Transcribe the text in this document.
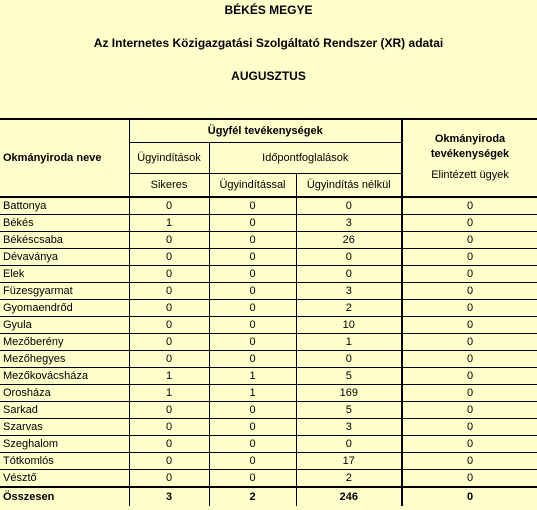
BÉKÉS MEGYE
Az Internetes Közigazgatási Szolgáltató Rendszer (XR) adatai
AUGUSZTUS
Okmányiroda neve	Ügyfél tevékenységek			Okmányiroda tevékenységek
	Ügyindítások	Időpontfoglalások		
	Sikeres	Ügyindítással	Ügyindítás nélkül	Elintézett ügyek
Battonya	0	0	0	0
Békés	1	0	3	0
Békéscsaba	0	0	26	0
Dévaványa	0	0	0	0
Elek	0	0	0	0
Füzesgyarmat	0	0	3	0
Gyomaendrőd	0	0	2	0
Gyula	0	0	10	0
Mezőberény	0	0	1	0
Mezőhegyes	0	0	0	0
Mezőkovácsháza	1	1	5	0
Orosháza	1	1	169	0
Sarkad	0	0	5	0
Szarvas	0	0	3	0
Szeghalom	0	0	0	0
Tótkomlós	0	0	17	0
Vésztő	0	0	2	0
Összesen	3	2	246	0
